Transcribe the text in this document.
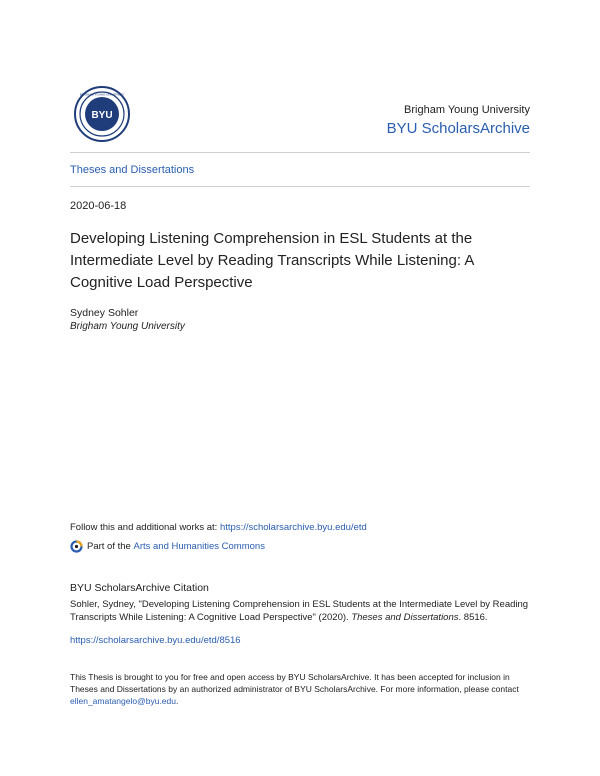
BYU
BRIGHAM YOUNG UNIVERSITY
Brigham Young University
BYU ScholarsArchive
Theses and Dissertations
2020-06-18
Developing Listening Comprehension in ESL Students at the Intermediate Level by Reading Transcripts While Listening: A Cognitive Load Perspective
Sydney Sohler
Brigham Young University
Follow this and additional works at: https://scholarsarchive.byu.edu/etd
Part of the
Arts and Humanities Commons
BYU ScholarsArchive Citation
Sohler, Sydney, "Developing Listening Comprehension in ESL Students at the Intermediate Level by Reading Transcripts While Listening: A Cognitive Load Perspective" (2020). Theses and Dissertations. 8516.
https://scholarsarchive.byu.edu/etd/8516
This Thesis is brought to you for free and open access by BYU ScholarsArchive. It has been accepted for inclusion in Theses and Dissertations by an authorized administrator of BYU ScholarsArchive. For more information, please contact ellen_amatangelo@byu.edu.
